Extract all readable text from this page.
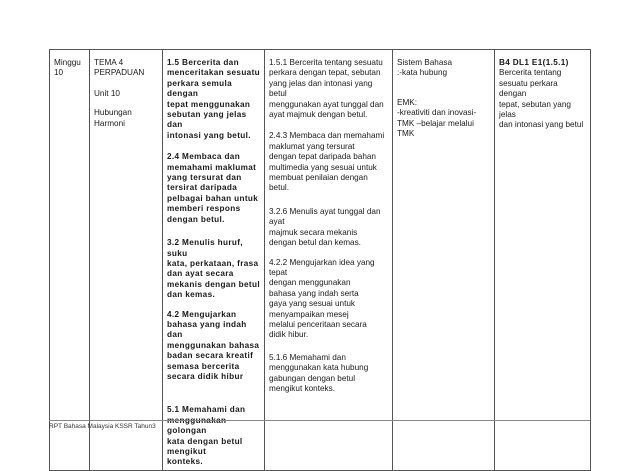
Minggu
10

TEMA 4
PERPADUAN
Unit 10
Hubungan
Harmoni

1.5 Bercerita dan
menceritakan sesuatu
perkara semula dengan
tepat menggunakan
sebutan yang jelas dan
intonasi yang betul.
2.4 Membaca dan
memahami maklumat
yang tersurat dan
tersirat daripada
pelbagai bahan untuk
memberi respons
dengan betul.
3.2 Menulis huruf, suku
kata, perkataan, frasa
dan ayat secara
mekanis dengan betul
dan kemas.
4.2 Mengujarkan
bahasa yang indah dan
menggunakan bahasa
badan secara kreatif
semasa bercerita
secara didik hibur
5.1 Memahami dan
menggunakan
golongan
kata dengan betul
mengikut
konteks.

1.5.1 Bercerita tentang sesuatu
perkara dengan tepat, sebutan
yang jelas dan intonasi yang
betul
menggunakan ayat tunggal dan
ayat majmuk dengan betul.
2.4.3 Membaca dan memahami
maklumat yang tersurat
dengan tepat daripada bahan
multimedia yang sesuai untuk
membuat penilaian dengan
betul.
3.2.6 Menulis ayat tunggal dan
ayat
majmuk secara mekanis
dengan betul dan kemas.
4.2.2 Mengujarkan idea yang
tepat
dengan menggunakan
bahasa yang indah serta
gaya yang sesuai untuk
menyampaikan mesej
melalui penceritaan secara
didik hibur.
5.1.6 Memahami dan
menggunakan kata hubung
gabungan dengan betul
mengikut konteks.

Sistem Bahasa
:-kata hubung
EMK:
-kreativiti dan inovasi-
TMK –belajar melalui
TMK

B4 DL1 E1(1.5.1)
Bercerita tentang
sesuatu perkara dengan
tepat, sebutan yang jelas
dan intonasi yang betul
RPT Bahasa Malaysia KSSR Tahun3
